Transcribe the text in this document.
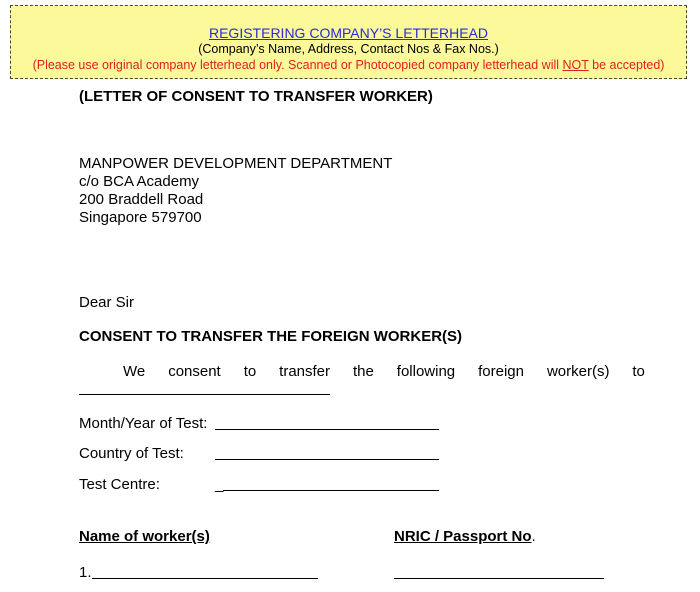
REGISTERING COMPANY’S LETTERHEAD
(Company’s Name, Address, Contact Nos & Fax Nos.)
(Please use original company letterhead only. Scanned or Photocopied company letterhead will NOT be accepted)
(LETTER OF CONSENT TO TRANSFER WORKER)
MANPOWER DEVELOPMENT DEPARTMENT
c/o BCA Academy
200 Braddell Road
Singapore 579700
Dear Sir
CONSENT TO TRANSFER THE FOREIGN WORKER(S)
We consent to transfer the following foreign worker(s) to
Month/Year of Test:
Country of Test:
Test Centre:	_
Name of worker(s)	NRIC / Passport No.
1.
